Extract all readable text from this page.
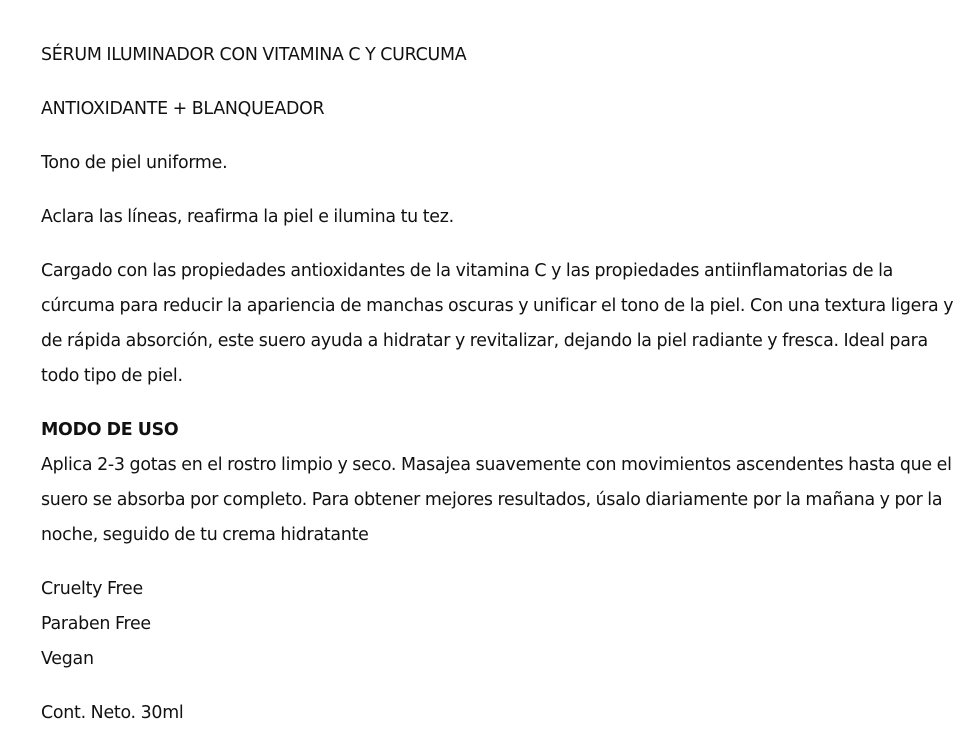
SÉRUM ILUMINADOR CON VITAMINA C Y CURCUMA

ANTIOXIDANTE + BLANQUEADOR

Tono de piel uniforme.

Aclara las líneas, reafirma la piel e ilumina tu tez.

Cargado con las propiedades antioxidantes de la vitamina C y las propiedades antiinflamatorias de la cúrcuma para reducir la apariencia de manchas oscuras y unificar el tono de la piel. Con una textura ligera y de rápida absorción, este suero ayuda a hidratar y revitalizar, dejando la piel radiante y fresca. Ideal para todo tipo de piel.

MODO DE USO

Aplica 2-3 gotas en el rostro limpio y seco. Masajea suavemente con movimientos ascendentes hasta que el suero se absorba por completo. Para obtener mejores resultados, úsalo diariamente por la mañana y por la noche, seguido de tu crema hidratante

Cruelty Free

Paraben Free

Vegan

Cont. Neto. 30ml
